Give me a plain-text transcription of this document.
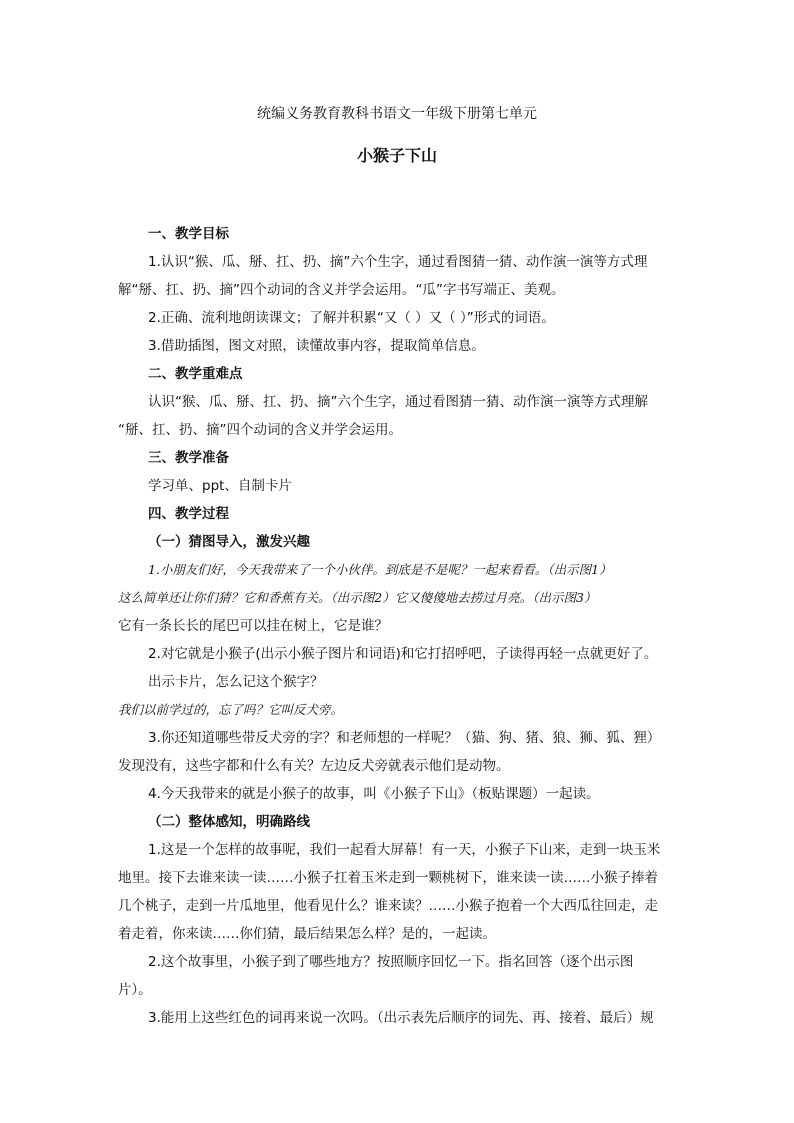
统编义务教育教科书语文一年级下册第七单元
小猴子下山
一、教学目标
1.认识“猴、瓜、掰、扛、扔、摘”六个生字，通过看图猜一猜、动作演一演等方式理
解“掰、扛、扔、摘”四个动词的含义并学会运用。“瓜”字书写端正、美观。
2.正确、流利地朗读课文；了解并积累“又（ ）又（ ）”形式的词语。
3.借助插图，图文对照，读懂故事内容，提取简单信息。
二、教学重难点
认识“猴、瓜、掰、扛、扔、摘”六个生字，通过看图猜一猜、动作演一演等方式理解
“掰、扛、扔、摘”四个动词的含义并学会运用。
三、教学准备
学习单、ppt、自制卡片
四、教学过程
（一）猜图导入，激发兴趣
1.小朋友们好，今天我带来了一个小伙伴。到底是不是呢？一起来看看。（出示图1）
这么简单还让你们猜？它和香蕉有关。（出示图2）它又傻傻地去捞过月亮。（出示图3）
它有一条长长的尾巴可以挂在树上，它是谁？
2.对它就是小猴子(出示小猴子图片和词语)和它打招呼吧，子读得再轻一点就更好了。
出示卡片，怎么记这个猴字？
我们以前学过的，忘了吗？它叫反犬旁。
3.你还知道哪些带反犬旁的字？和老师想的一样呢？（猫、狗、猪、狼、狮、狐、狸）
发现没有，这些字都和什么有关？左边反犬旁就表示他们是动物。
4.今天我带来的就是小猴子的故事，叫《小猴子下山》（板贴课题）一起读。
（二）整体感知，明确路线
1.这是一个怎样的故事呢，我们一起看大屏幕！有一天，小猴子下山来，走到一块玉米
地里。接下去谁来读一读……小猴子扛着玉米走到一颗桃树下，谁来读一读……小猴子捧着
几个桃子，走到一片瓜地里，他看见什么？谁来读？……小猴子抱着一个大西瓜往回走，走
着走着，你来读……你们猜，最后结果怎么样？是的，一起读。
2.这个故事里，小猴子到了哪些地方？按照顺序回忆一下。指名回答（逐个出示图
片）。
3.能用上这些红色的词再来说一次吗。（出示表先后顺序的词先、再、接着、最后）规
